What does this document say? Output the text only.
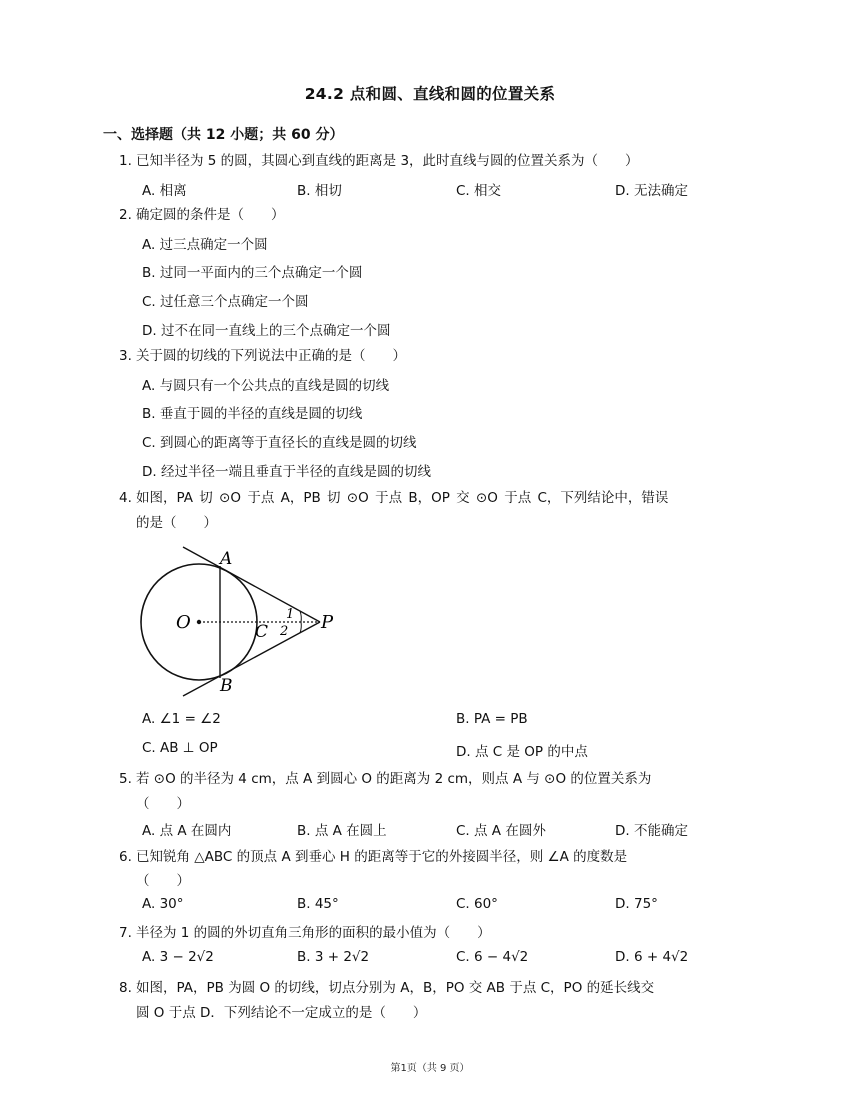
24.2 点和圆、直线和圆的位置关系
一、选择题（共 12 小题；共 60 分）
1. 已知半径为 5 的圆，其圆心到直线的距离是 3，此时直线与圆的位置关系为（　　）
A. 相离	B. 相切	C. 相交	D. 无法确定
2. 确定圆的条件是（　　）
A. 过三点确定一个圆
B. 过同一平面内的三个点确定一个圆
C. 过任意三个点确定一个圆
D. 过不在同一直线上的三个点确定一个圆
3. 关于圆的切线的下列说法中正确的是（　　）
A. 与圆只有一个公共点的直线是圆的切线
B. 垂直于圆的半径的直线是圆的切线
C. 到圆心的距离等于直径长的直线是圆的切线
D. 经过半径一端且垂直于半径的直线是圆的切线
4. 如图，PA 切 ⊙O 于点 A，PB 切 ⊙O 于点 B，OP 交 ⊙O 于点 C，下列结论中，错误
的是（　　）
A
B
O	C	P
1
2
A. ∠1 = ∠2	B. PA = PB
C. AB ⊥ OP	D. 点 C 是 OP 的中点
5. 若 ⊙O 的半径为 4 cm，点 A 到圆心 O 的距离为 2 cm，则点 A 与 ⊙O 的位置关系为
（　　）
A. 点 A 在圆内	B. 点 A 在圆上	C. 点 A 在圆外	D. 不能确定
6. 已知锐角 △ABC 的顶点 A 到垂心 H 的距离等于它的外接圆半径，则 ∠A 的度数是
（　　）
A. 30°	B. 45°	C. 60°	D. 75°
7. 半径为 1 的圆的外切直角三角形的面积的最小值为（　　）
A. 3 − 2√2	B. 3 + 2√2	C. 6 − 4√2	D. 6 + 4√2
8. 如图，PA，PB 为圆 O 的切线，切点分别为 A，B，PO 交 AB 于点 C，PO 的延长线交
圆 O 于点 D．下列结论不一定成立的是（　　）
第1页（共 9 页）
